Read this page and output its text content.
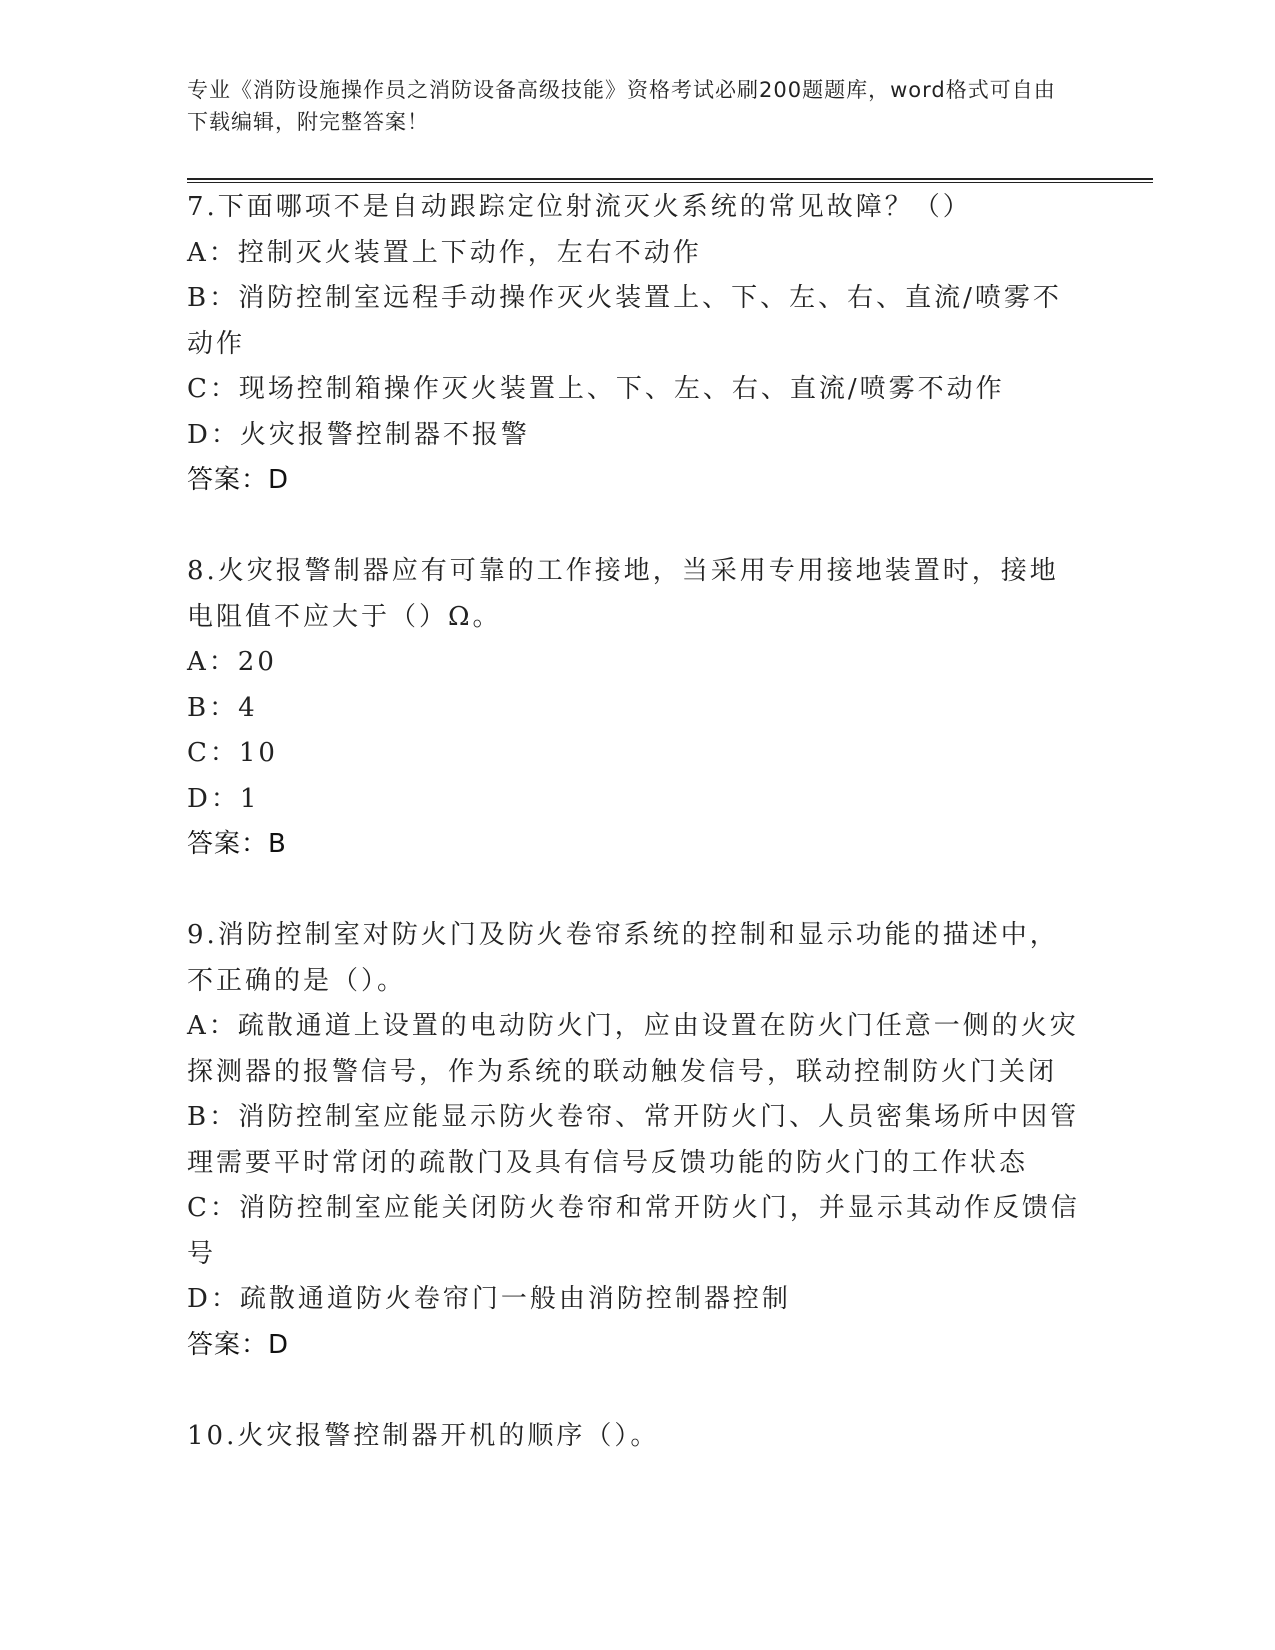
专业《消防设施操作员之消防设备高级技能》资格考试必刷200题题库，word格式可自由下载编辑，附完整答案！
7.下面哪项不是自动跟踪定位射流灭火系统的常见故障？（）
A：控制灭火装置上下动作，左右不动作
B：消防控制室远程手动操作灭火装置上、下、左、右、直流/喷雾不
动作
C：现场控制箱操作灭火装置上、下、左、右、直流/喷雾不动作
D：火灾报警控制器不报警
答案：D
8.火灾报警制器应有可靠的工作接地，当采用专用接地装置时，接地
电阻值不应大于（）Ω。
A：20
B：4
C：10
D：1
答案：B
9.消防控制室对防火门及防火卷帘系统的控制和显示功能的描述中，
不正确的是（）。
A：疏散通道上设置的电动防火门，应由设置在防火门任意一侧的火灾
探测器的报警信号，作为系统的联动触发信号，联动控制防火门关闭
B：消防控制室应能显示防火卷帘、常开防火门、人员密集场所中因管
理需要平时常闭的疏散门及具有信号反馈功能的防火门的工作状态
C：消防控制室应能关闭防火卷帘和常开防火门，并显示其动作反馈信
号
D：疏散通道防火卷帘门一般由消防控制器控制
答案：D
10.火灾报警控制器开机的顺序（）。
